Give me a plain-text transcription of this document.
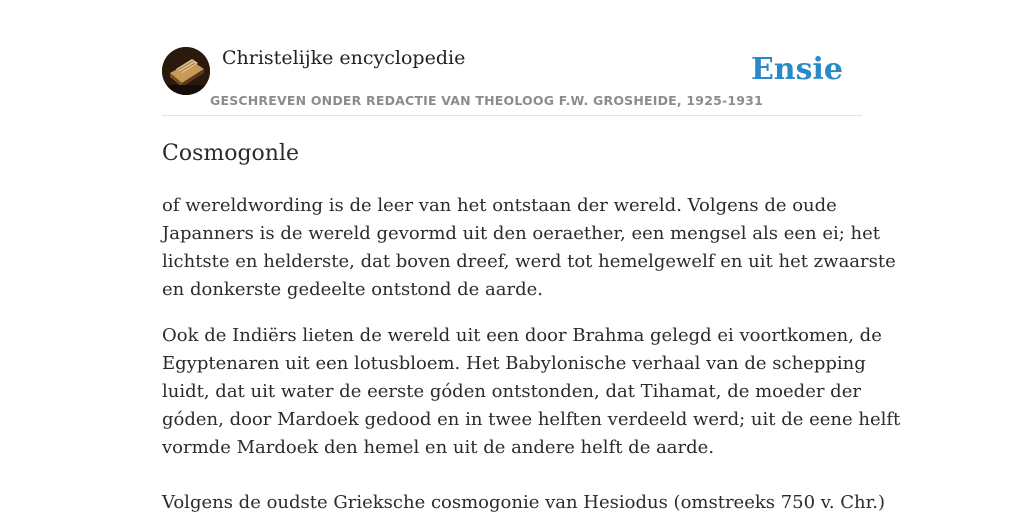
Christelijke encyclopedie
GESCHREVEN ONDER REDACTIE VAN THEOLOOG F.W. GROSHEIDE, 1925-1931
Ensie
Cosmogonle

of wereldwording is de leer van het ontstaan der wereld. Volgens de oude
Japanners is de wereld gevormd uit den oeraether, een mengsel als een ei; het
lichtste en helderste, dat boven dreef, werd tot hemelgewelf en uit het zwaarste
en donkerste gedeelte ontstond de aarde.

Ook de Indiërs lieten de wereld uit een door Brahma gelegd ei voortkomen, de
Egyptenaren uit een lotusbloem. Het Babylonische verhaal van de schepping
luidt, dat uit water de eerste góden ontstonden, dat Tihamat, de moeder der
góden, door Mardoek gedood en in twee helften verdeeld werd; uit de eene helft
vormde Mardoek den hemel en uit de andere helft de aarde.

Volgens de oudste Grieksche cosmogonie van Hesiodus (omstreeks 750 v. Chr.)
